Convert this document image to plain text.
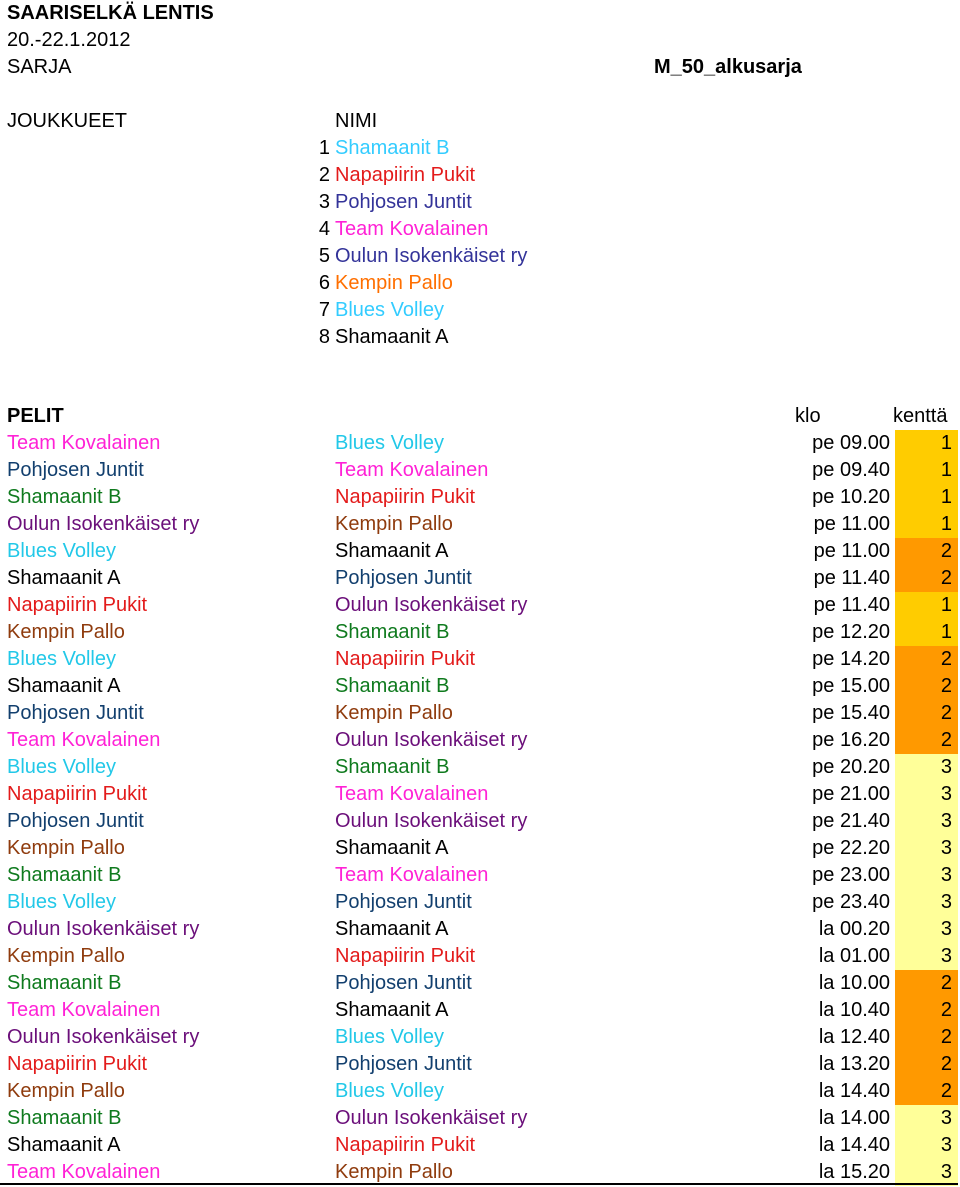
SAARISELKÄ LENTIS
20.-22.1.2012
SARJA	M_50_alkusarja
JOUKKUEET	NIMI
1 Shamaanit B
2 Napapiirin Pukit
3 Pohjosen Juntit
4 Team Kovalainen
5 Oulun Isokenkäiset ry
6 Kempin Pallo
7 Blues Volley
8 Shamaanit A
PELIT	klo	kenttä
Team Kovalainen	Blues Volley	pe 09.00	1
Pohjosen Juntit	Team Kovalainen	pe 09.40	1
Shamaanit B	Napapiirin Pukit	pe 10.20	1
Oulun Isokenkäiset ry	Kempin Pallo	pe 11.00	1
Blues Volley	Shamaanit A	pe 11.00	2
Shamaanit A	Pohjosen Juntit	pe 11.40	2
Napapiirin Pukit	Oulun Isokenkäiset ry	pe 11.40	1
Kempin Pallo	Shamaanit B	pe 12.20	1
Blues Volley	Napapiirin Pukit	pe 14.20	2
Shamaanit A	Shamaanit B	pe 15.00	2
Pohjosen Juntit	Kempin Pallo	pe 15.40	2
Team Kovalainen	Oulun Isokenkäiset ry	pe 16.20	2
Blues Volley	Shamaanit B	pe 20.20	3
Napapiirin Pukit	Team Kovalainen	pe 21.00	3
Pohjosen Juntit	Oulun Isokenkäiset ry	pe 21.40	3
Kempin Pallo	Shamaanit A	pe 22.20	3
Shamaanit B	Team Kovalainen	pe 23.00	3
Blues Volley	Pohjosen Juntit	pe 23.40	3
Oulun Isokenkäiset ry	Shamaanit A	la 00.20	3
Kempin Pallo	Napapiirin Pukit	la 01.00	3
Shamaanit B	Pohjosen Juntit	la 10.00	2
Team Kovalainen	Shamaanit A	la 10.40	2
Oulun Isokenkäiset ry	Blues Volley	la 12.40	2
Napapiirin Pukit	Pohjosen Juntit	la 13.20	2
Kempin Pallo	Blues Volley	la 14.40	2
Shamaanit B	Oulun Isokenkäiset ry	la 14.00	3
Shamaanit A	Napapiirin Pukit	la 14.40	3
Team Kovalainen	Kempin Pallo	la 15.20	3
